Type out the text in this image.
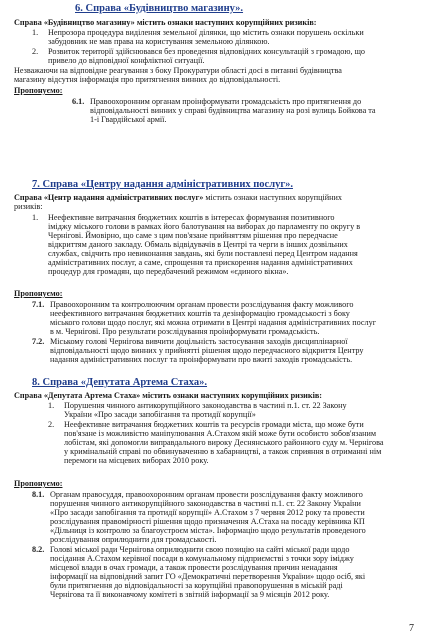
6. Справа «Будівництво магазину».
Справа «Будівництво магазину» містить ознаки наступних корупційних ризиків:
1. Непрозора процедура виділення земельної ділянки, що містить ознаки порушень оскільки
забудовник не мав права на користування земельною ділянкою.
2. Розвиток території здійснювався без проведення відповідних консультацій з громадою, що
привело до відповідної конфліктної ситуації.
Незважаючи на відповідне реагування з боку Прокуратури області досі в питанні будівництва
магазину відсутня інформація про притягнення винних до відповідальності.
Пропонуємо:
6.1. Правоохоронним органам проінформувати громадськість про притягнення до
відповідальності винних у справі будівництва магазину на розі вулиць Бойкова та
1-і Гвардійської армії.
7. Справа «Центру надання адміністративних послуг».
Справа «Центр надання адміністративних послуг» містить ознаки наступних корупційних
ризиків:
1. Неефективне витрачання бюджетних коштів в інтересах формування позитивного
іміджу міського голови в рамках його балотування на виборах до парламенту по округу в
Чернігові. Ймовірно, що саме з цим пов'язане прийняттям рішення про передчасне
відкриттям даного закладу. Обмаль відвідувачів в Центрі та черги в інших дозвільних
службах, свідчить про невиконання завдань, які були поставлені перед Центром надання
адміністративних послуг, а саме, спрощення та прискорення надання адміністративних
процедур для громадян, що передбачений режимом «єдиного вікна».
Пропонуємо:
7.1. Правоохоронним та контролюючим органам провести розслідування факту можливого
неефективного витрачання бюджетних коштів та дезінформацію громадськості з боку
міського голови щодо послуг, які можна отримати в Центрі надання адміністративних послуг
в м. Чернігові. Про результати розслідування проінформувати громадськість.
7.2. Міському голові Чернігова вивчити доцільність застосування заходів дисциплінарної
відповідальності щодо винних у прийнятті рішення щодо передчасного відкриття Центру
надання адміністративних послуг та проінформувати про вжиті заходів громадськість.
8. Справа «Депутата Артема Стаха».
Справа «Депутата Артема Стаха» містить ознаки наступних корупційних ризиків:
1. Порушення чинного антикорупційного законодавства в частині п.1. ст. 22 Закону
України «Про засади запобігання та протидії корупції»
2. Неефективне витрачання бюджетних коштів та ресурсів громади міста, що може бути
пов'язане із можливістю маніпулювання А.Стахом якій може бути особисто зобов'язаним
лобістам, які допомогли виправдального вироку Деснянського районного суду м. Чернігова
у кримінальній справі по обвинуваченню в хабарництві, а також сприяння в отриманні нім
перемоги на місцевих виборах 2010 року.
Пропонуємо:
8.1. Органам правосуддя, правоохоронним органам провести розслідування факту можливого
порушення чинного антикорупційного законодавства в частині п.1. ст. 22 Закону України
«Про засади запобігання та протидії корупції» А.Стахом з 7 червня 2012 року та провести
розслідування правомірності рішення щодо призначення А.Стаха на посаду керівника КП
«Дільниця із контролю за благоустроєм міста». Інформацію щодо результатів проведеного
розслідування оприлюднити для громадськості.
8.2. Голові міської ради Чернігова оприлюднити свою позицію на сайті міської ради щодо
посідання А.Стахом керівної посади в комунальному підприємстві з точки зору іміджу
місцевої влади в очах громади, а також провести розслідування причин ненадання
інформації на відповідний запит ГО «Демократичні перетворення України» щодо осіб, які
були притягнення до відповідальності за корупційні правопорушення в міській раді
Чернігова та її виконавчому комітеті в звітній інформації за 9 місяців 2012 року.
7
